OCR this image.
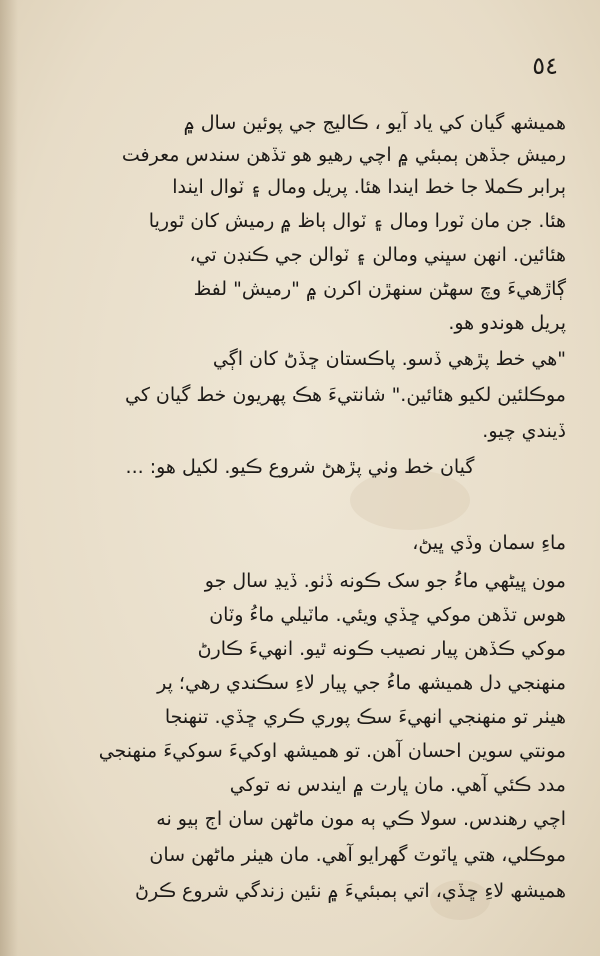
٥٤
هميشھ گيان کي ياد آيو ، ڪاليج جي پوئين سال ۾
رميش جڏهن ٻمبئي ۾ اچي رهيو هو تڏهن سندس معرفت
ٻرابر ڪملا جا خط ايندا هئا. پريل ومال ۽ ٽوال ايندا
هئا. جن مان ٽورا ومال ۽ ٽوال ٻاظ ۾ رميش کان ٿوريا
هئائين. انهن سڀني ومالن ۽ ٽوالن جي ڪنڊن تي،
ڳاڙهيءَ وچ سهڻن سنهڙن اکرن ۾ "رميش" لفظ
پريل هوندو هو.
"هي خط پڙهي ڏسو. پاڪستان ڇڏڻ کان اڳي
موڪلئين لکيو هئائين." شانتيءَ هڪ پهريون خط گيان کي
ڏيندي چيو.
گيان خط وٺي پڙهڻ شروع ڪيو. لکيل هو: ...
ماءِ سمان وڏي ڀيڻ،
مون ڀيڻهي ماءُ جو سک ڪونه ڏٺو. ڏيڍ سال جو
هوس تڏهن موکي ڇڏي ويئي. ماٽيلي ماءُ وٽان
موکي ڪڏهن پيار نصيب ڪونه ٿيو. انهيءَ ڪارڻ
منهنجي دل هميشھ ماءُ جي پيار لاءِ سڪندي رهي؛ پر
هيٺر تو منهنجي انهيءَ سڪ پوري ڪري ڇڏي. تنهنجا
مونتي سوين احسان آهن. تو هميشھ اوکيءَ سوکيءَ منهنجي
مدد ڪئي آهي. مان ڀارت ۾ ايندس نه توکي
اچي رهندس. سولا ڪي ٻه مون ماڻهن سان اڄ ٻيو نه
موڪلي، هتي ڀاٽوٽ گهرايو آهي. مان هيٺر ماڻهن سان
هميشھ لاءِ ڇڏي، اتي ٻمبئيءَ ۾ نئين زندگي شروع ڪرڻ
